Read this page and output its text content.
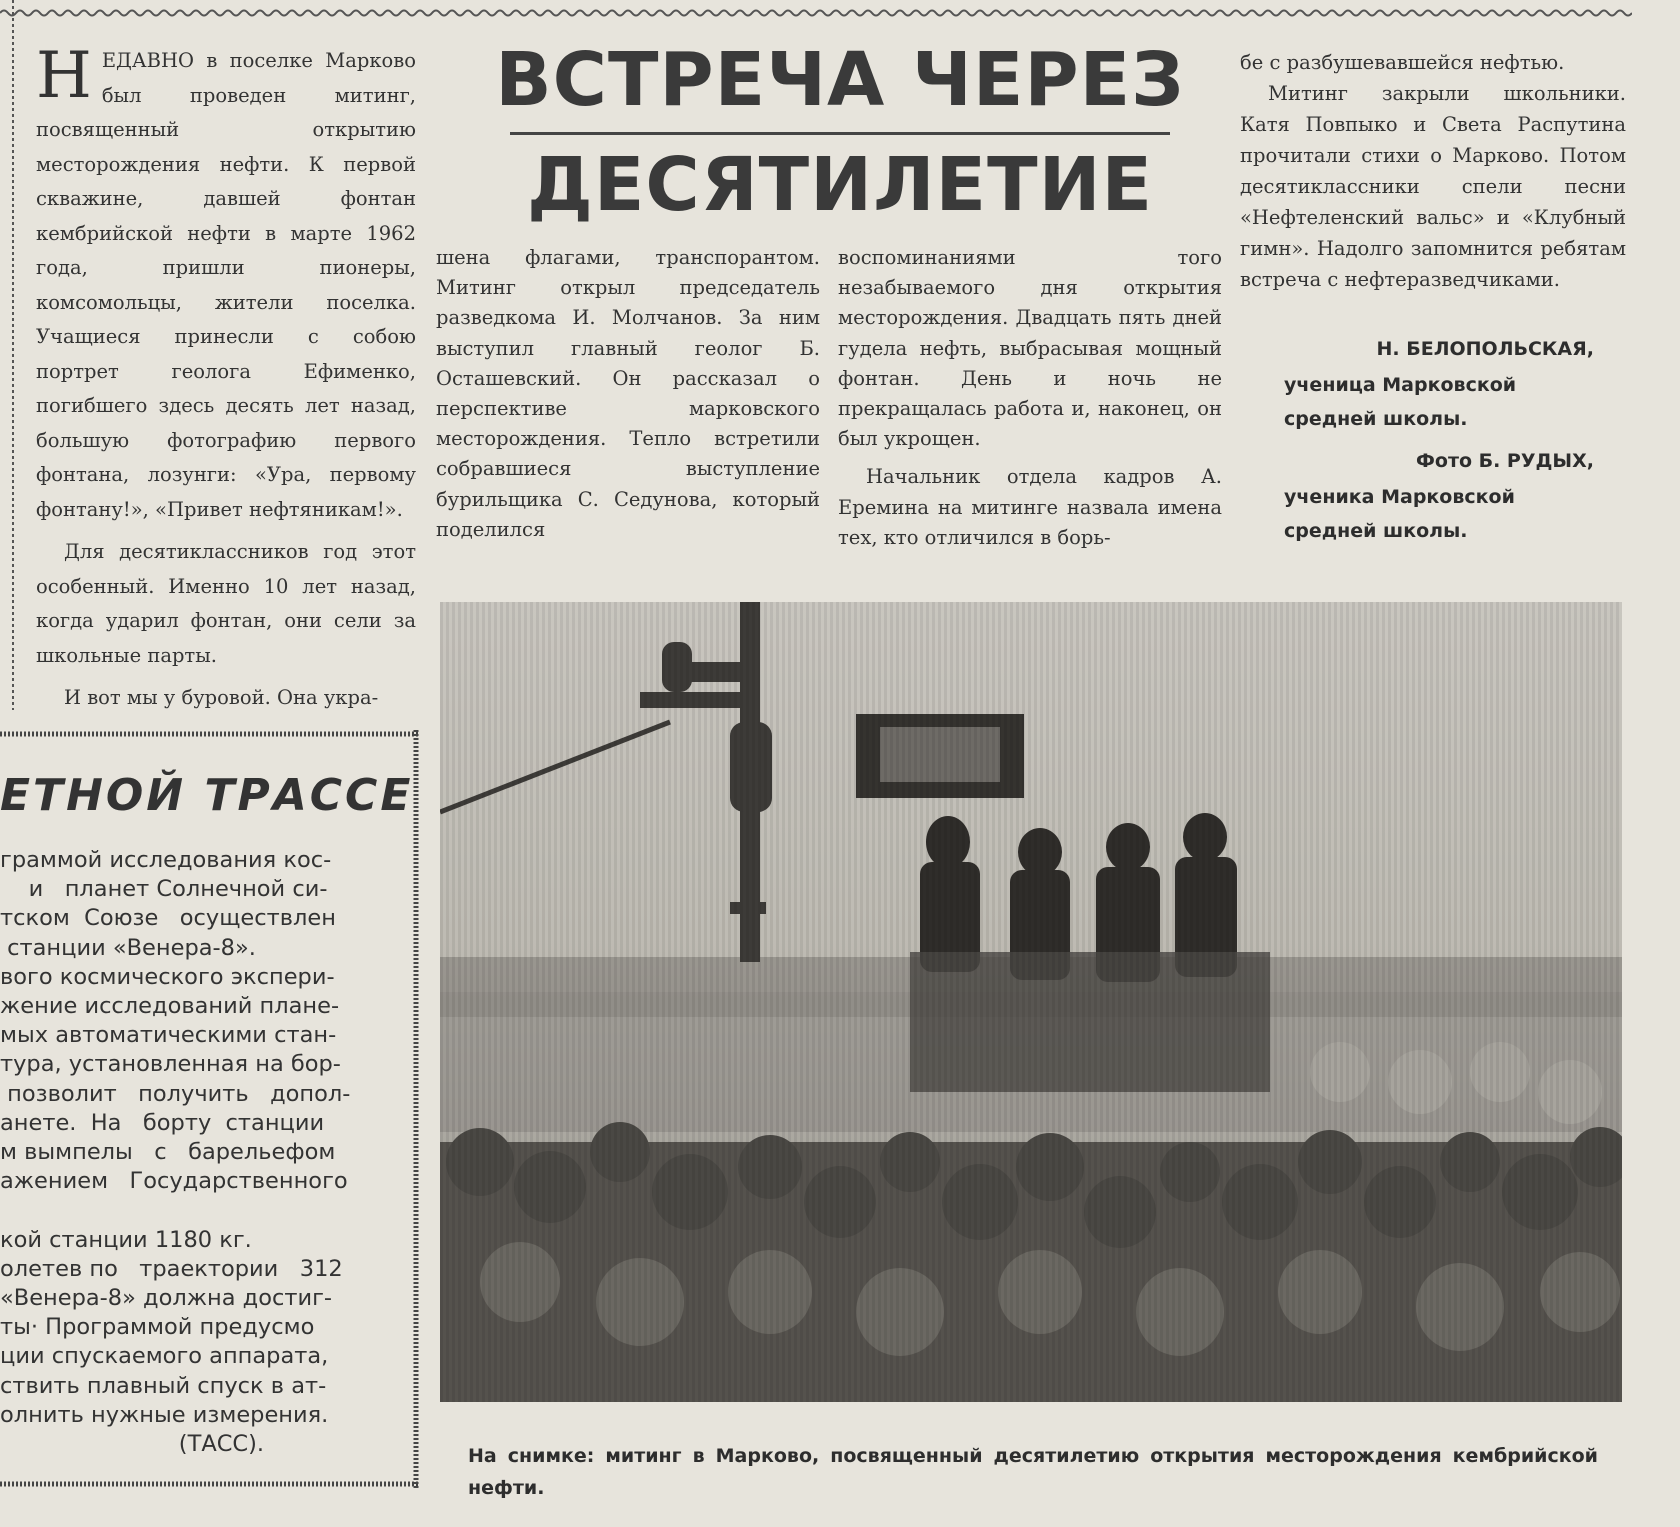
ВСТРЕЧА ЧЕРЕЗ
ДЕСЯТИЛЕТИЕ

Н ЕДАВНО в поселке Марково был проведен митинг, посвященный открытию месторождения нефти. К первой скважине, давшей фонтан кембрийской нефти в марте 1962 года, пришли пионеры, комсомольцы, жители поселка. Учащиеся принесли с собою портрет геолога Ефименко, погибшего здесь десять лет назад, большую фотографию первого фонтана, лозунги: «Ура, первому фонтану!», «Привет нефтяникам!».

Для десятиклассников год этот особенный. Именно 10 лет назад, когда ударил фонтан, они сели за школьные парты.

И вот мы у буровой. Она укра-

шена флагами, транспорантом. Митинг открыл председатель разведкома И. Молчанов. За ним выступил главный геолог Б. Осташевский. Он рассказал о перспективе марковского месторождения. Тепло встретили собравшиеся выступление бурильщика С. Седунова, который поделился

воспоминаниями того незабываемого дня открытия месторождения. Двадцать пять дней гудела нефть, выбрасывая мощный фонтан. День и ночь не прекращалась работа и, наконец, он был укрощен.

Начальник отдела кадров А. Еремина на митинге назвала имена тех, кто отличился в борь-

бе с разбушевавшейся нефтью.

Митинг закрыли школьники. Катя Повпыко и Света Распутина прочитали стихи о Марково. Потом десятиклассники спели песни «Нефтеленский вальс» и «Клубный гимн». Надолго запомнится ребятам встреча с нефтеразведчиками.

Н. БЕЛОПОЛЬСКАЯ,
ученица Марковской средней школы.
Фото Б. РУДЫХ,
ученика Марковской средней школы.
ЕТНОЙ ТРАССЕ
граммой исследования кос-
и   планет Солнечной си-
тском  Союзе   осуществлен
станции «Венера-8».
вого космического экспери-
жение исследований плане-
мых автоматическими стан-
тура, установленная на бор-
позволит   получить   допол-
анете.  На   борту  станции
м вымпелы   с   барельефом
ажением   Государственного

кой станции 1180 кг.
олетев по   траектории   312
«Венера-8» должна достиг-
ты· Программой предусмо
ции спускаемого аппарата,
ствить плавный спуск в ат-
олнить нужные измерения.
(ТАСС).	На снимке: митинг в Марково, посвященный десятилетию открытия месторождения кембрийской нефти.
